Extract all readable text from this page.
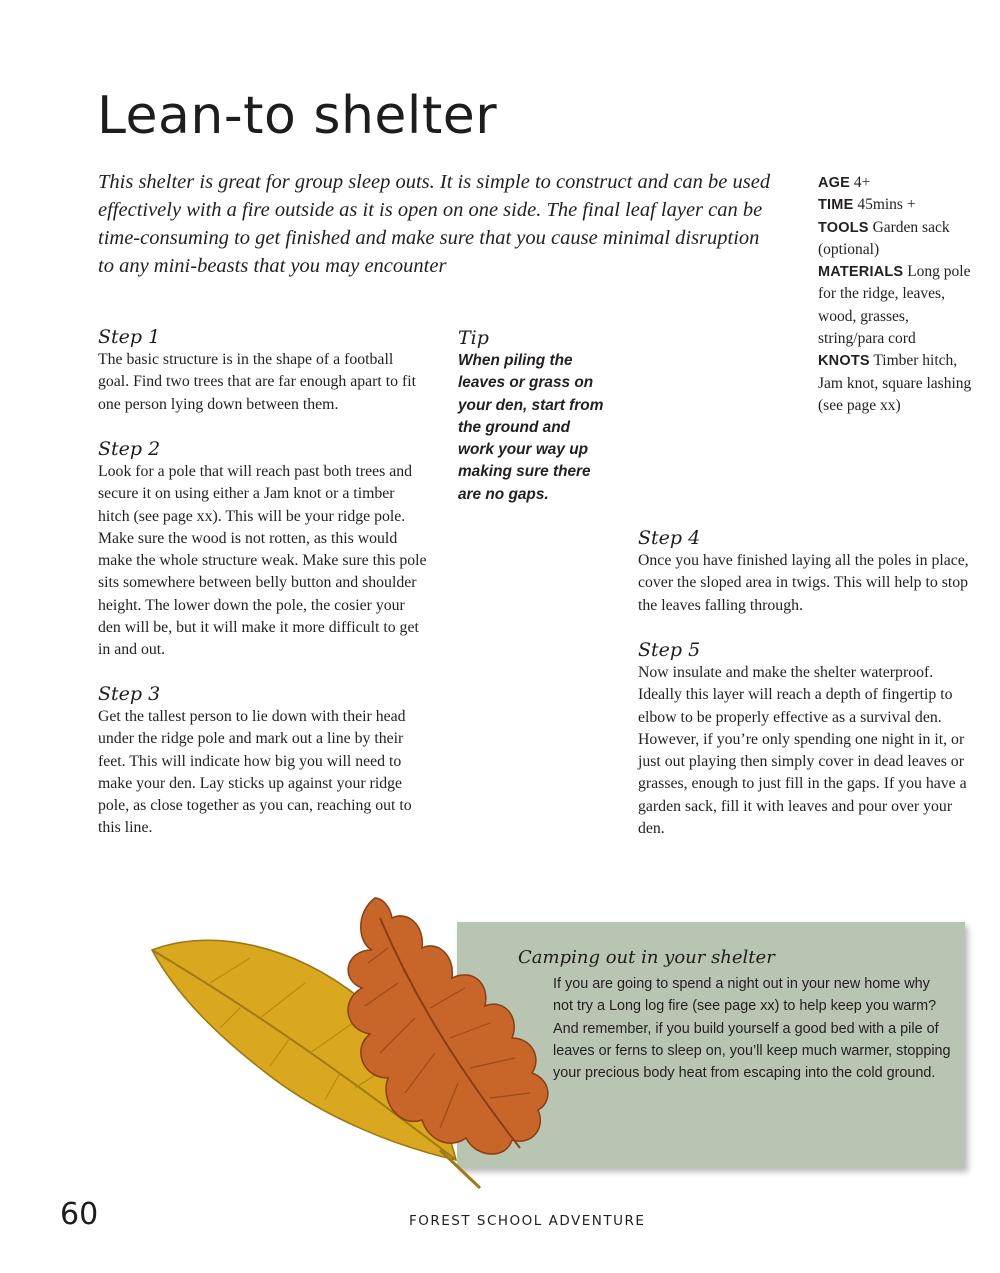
Lean-to shelter

This shelter is great for group sleep outs. It is simple to construct and can be used effectively with a fire outside as it is open on one side. The final leaf layer can be time-consuming to get finished and make sure that you cause minimal disruption to any mini-beasts that you may encounter

AGE 4+
TIME 45mins +
TOOLS Garden sack (optional)
MATERIALS Long pole for the ridge, leaves, wood, grasses, string/para cord
KNOTS Timber hitch, Jam knot, square lashing (see page xx)
Step 1

The basic structure is in the shape of a football goal. Find two trees that are far enough apart to fit one person lying down between them.

Step 2

Look for a pole that will reach past both trees and secure it on using either a Jam knot or a timber hitch (see page xx). This will be your ridge pole. Make sure the wood is not rotten, as this would make the whole structure weak. Make sure this pole sits somewhere between belly button and shoulder height. The lower down the pole, the cosier your den will be, but it will make it more difficult to get in and out.

Step 3

Get the tallest person to lie down with their head under the ridge pole and mark out a line by their feet. This will indicate how big you will need to make your den. Lay sticks up against your ridge pole, as close together as you can, reaching out to this line.

Tip

When piling the leaves or grass on your den, start from the ground and work your way up making sure there are no gaps.

Step 4

Once you have finished laying all the poles in place, cover the sloped area in twigs. This will help to stop the leaves falling through.

Step 5

Now insulate and make the shelter waterproof. Ideally this layer will reach a depth of fingertip to elbow to be properly effective as a survival den. However, if you’re only spending one night in it, or just out playing then simply cover in dead leaves or grasses, enough to just fill in the gaps. If you have a garden sack, fill it with leaves and pour over your den.

Camping out in your shelter

If you are going to spend a night out in your new home why not try a Long log fire (see page xx) to help keep you warm? And remember, if you build yourself a good bed with a pile of leaves or ferns to sleep on, you’ll keep much warmer, stopping your precious body heat from escaping into the cold ground.

60	FOREST SCHOOL ADVENTURE
